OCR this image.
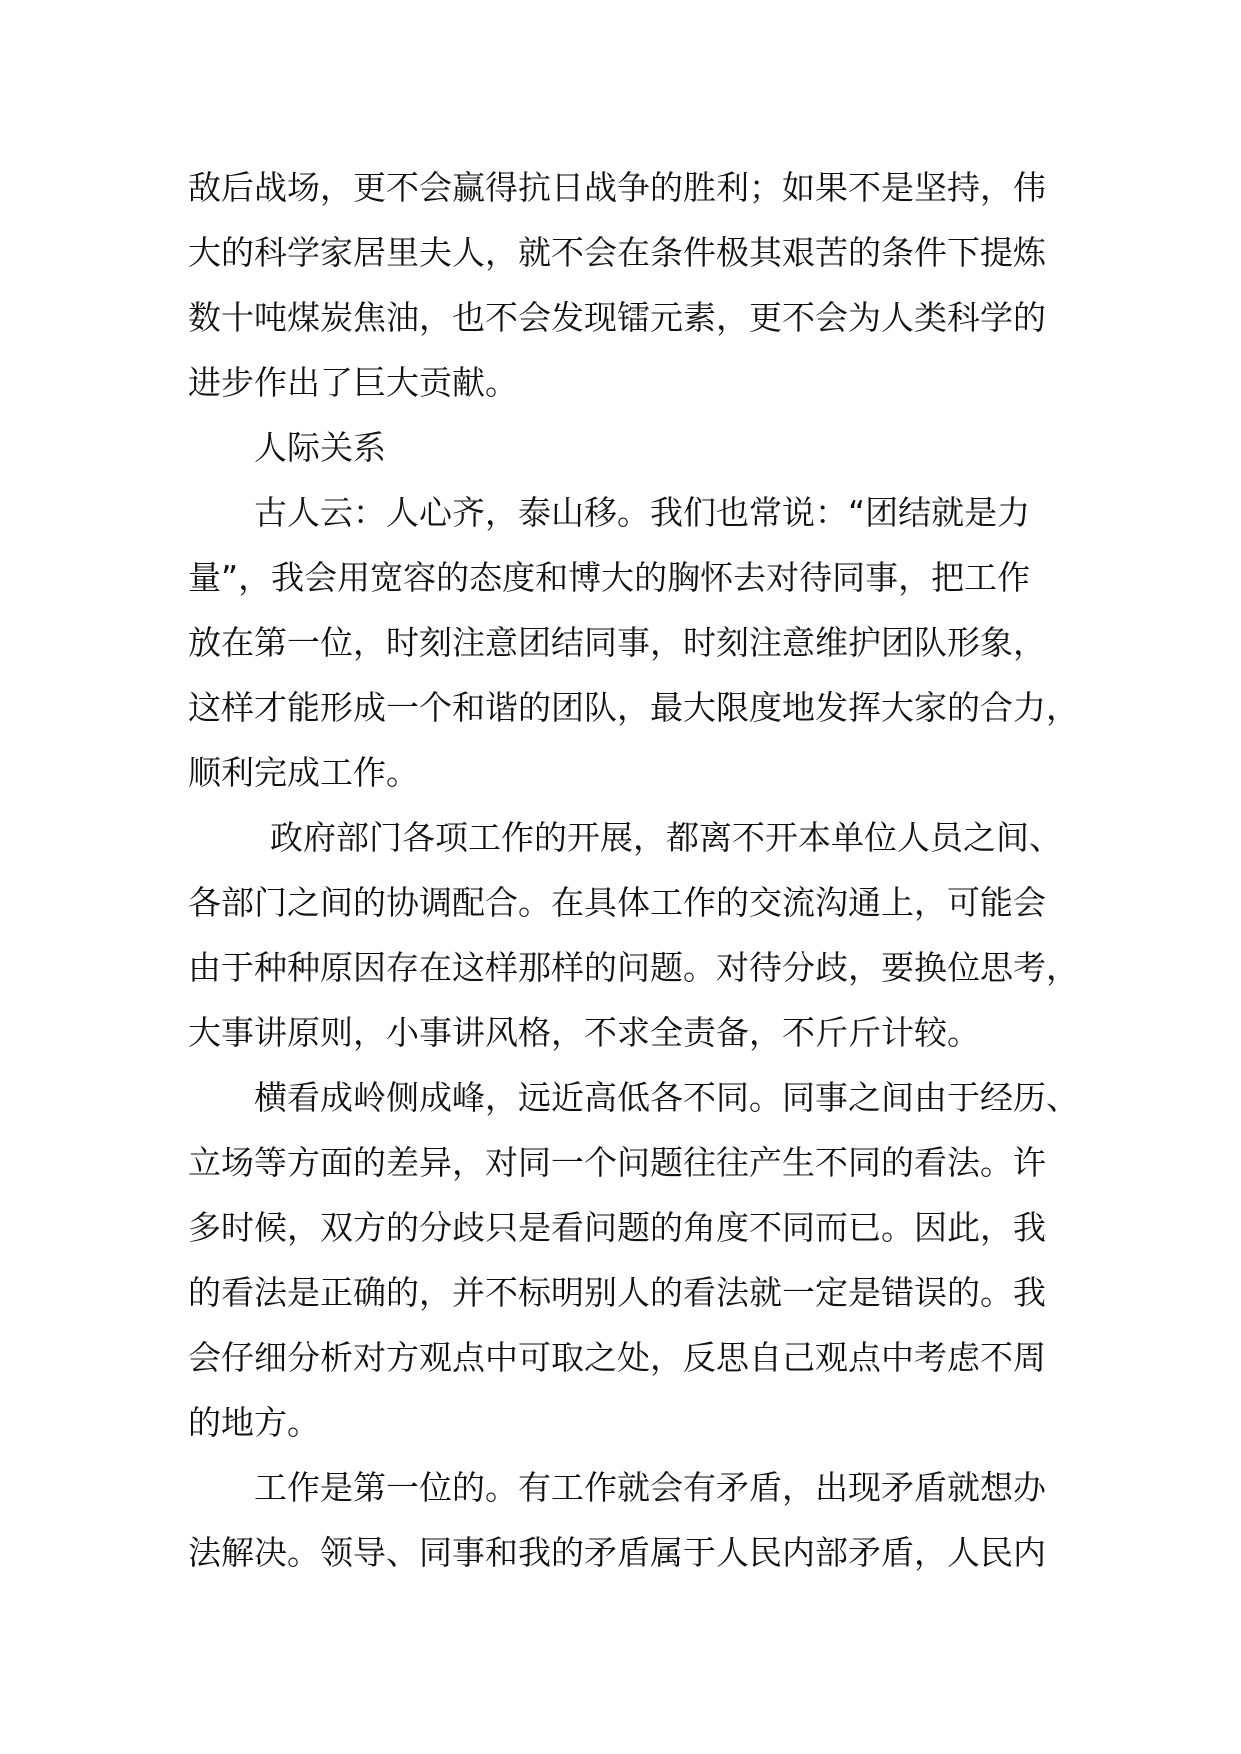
敌后战场，更不会赢得抗日战争的胜利；如果不是坚持，伟
大的科学家居里夫人，就不会在条件极其艰苦的条件下提炼
数十吨煤炭焦油，也不会发现镭元素，更不会为人类科学的
进步作出了巨大贡献。
人际关系
古人云：人心齐，泰山移。我们也常说：“团结就是力
量”，我会用宽容的态度和博大的胸怀去对待同事，把工作
放在第一位，时刻注意团结同事，时刻注意维护团队形象，
这样才能形成一个和谐的团队，最大限度地发挥大家的合力，
顺利完成工作。
政府部门各项工作的开展，都离不开本单位人员之间、
各部门之间的协调配合。在具体工作的交流沟通上，可能会
由于种种原因存在这样那样的问题。对待分歧，要换位思考，
大事讲原则，小事讲风格，不求全责备，不斤斤计较。
横看成岭侧成峰，远近高低各不同。同事之间由于经历、
立场等方面的差异，对同一个问题往往产生不同的看法。许
多时候，双方的分歧只是看问题的角度不同而已。因此，我
的看法是正确的，并不标明别人的看法就一定是错误的。我
会仔细分析对方观点中可取之处，反思自己观点中考虑不周
的地方。
工作是第一位的。有工作就会有矛盾，出现矛盾就想办
法解决。领导、同事和我的矛盾属于人民内部矛盾，人民内
